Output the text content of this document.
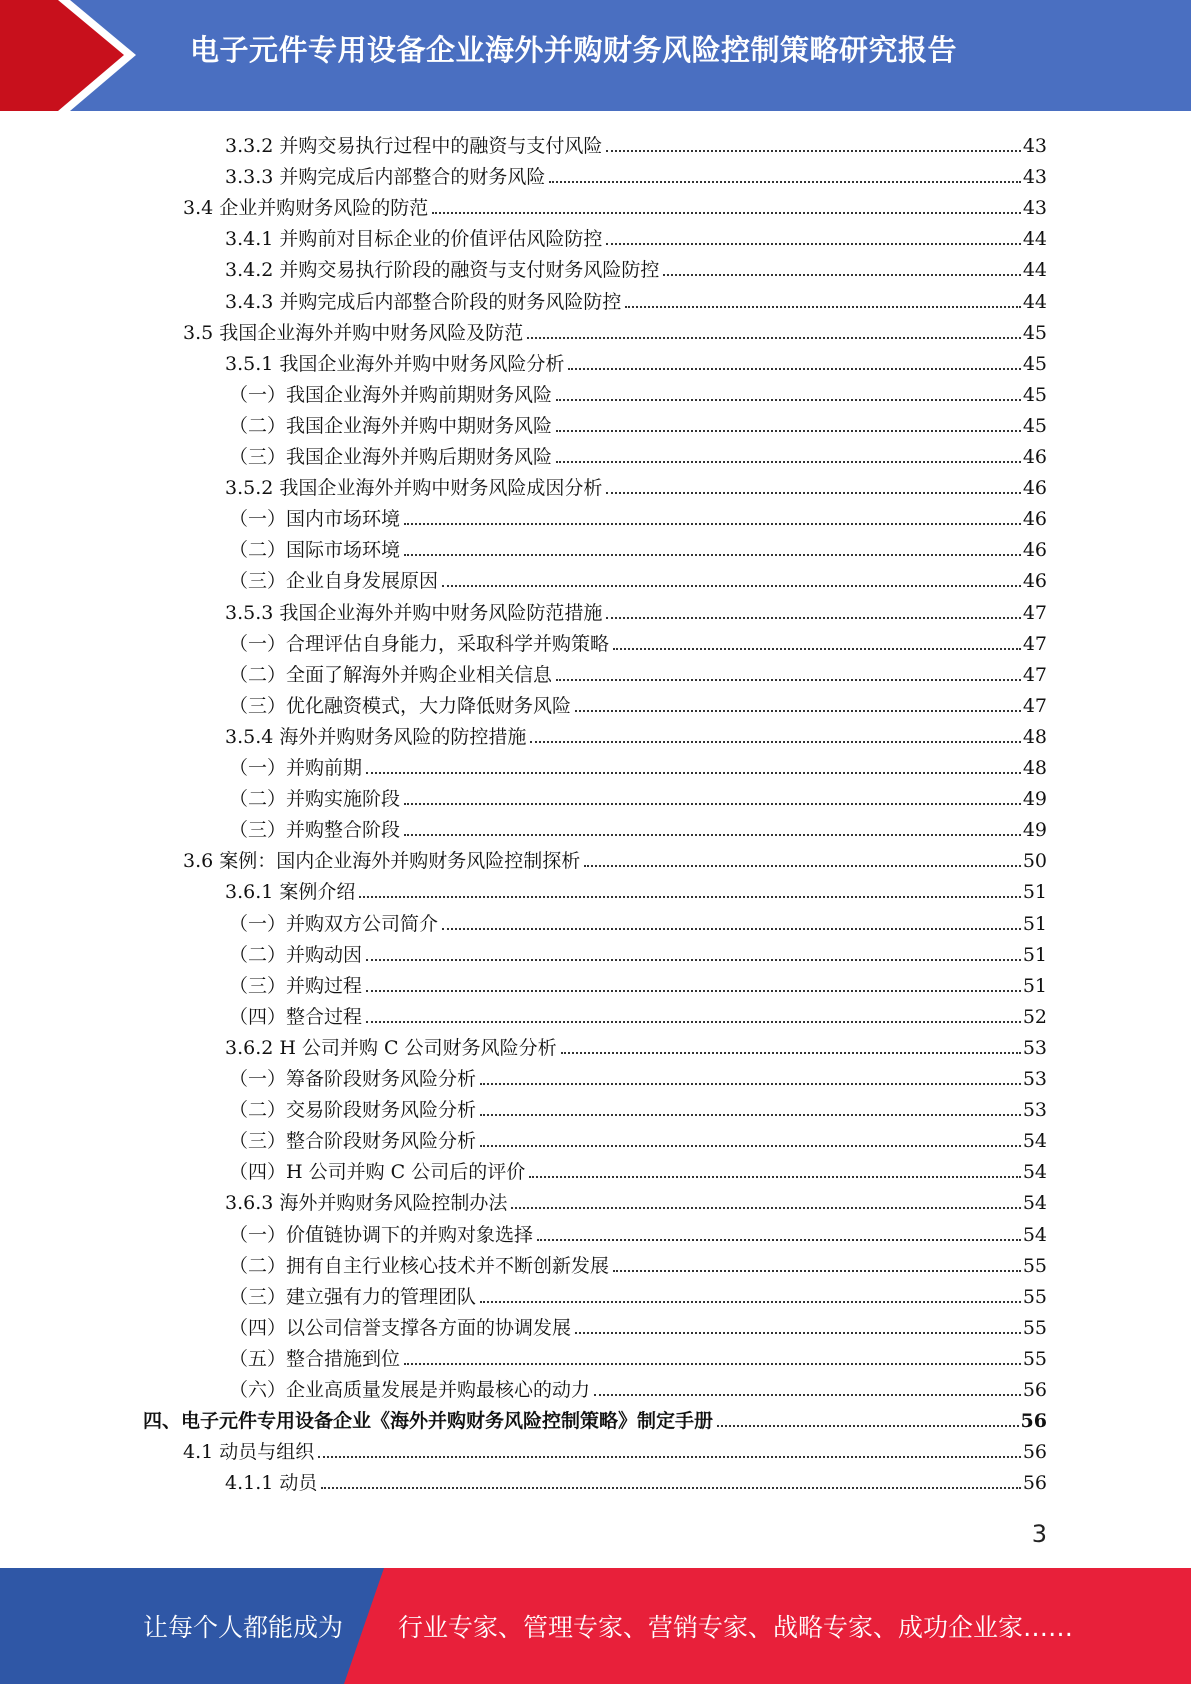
电子元件专用设备企业海外并购财务风险控制策略研究报告
3.3.2 并购交易执行过程中的融资与支付风险	43
3.3.3 并购完成后内部整合的财务风险	43
3.4 企业并购财务风险的防范	43
3.4.1 并购前对目标企业的价值评估风险防控	44
3.4.2 并购交易执行阶段的融资与支付财务风险防控	44
3.4.3 并购完成后内部整合阶段的财务风险防控	44
3.5 我国企业海外并购中财务风险及防范	45
3.5.1 我国企业海外并购中财务风险分析	45
（一）我国企业海外并购前期财务风险	45
（二）我国企业海外并购中期财务风险	45
（三）我国企业海外并购后期财务风险	46
3.5.2 我国企业海外并购中财务风险成因分析	46
（一）国内市场环境	46
（二）国际市场环境	46
（三）企业自身发展原因	46
3.5.3 我国企业海外并购中财务风险防范措施	47
（一）合理评估自身能力，采取科学并购策略	47
（二）全面了解海外并购企业相关信息	47
（三）优化融资模式，大力降低财务风险	47
3.5.4 海外并购财务风险的防控措施	48
（一）并购前期	48
（二）并购实施阶段	49
（三）并购整合阶段	49
3.6 案例：国内企业海外并购财务风险控制探析	50
3.6.1 案例介绍	51
（一）并购双方公司简介	51
（二）并购动因	51
（三）并购过程	51
（四）整合过程	52
3.6.2 H 公司并购 C 公司财务风险分析	53
（一）筹备阶段财务风险分析	53
（二）交易阶段财务风险分析	53
（三）整合阶段财务风险分析	54
（四）H 公司并购 C 公司后的评价	54
3.6.3 海外并购财务风险控制办法	54
（一）价值链协调下的并购对象选择	54
（二）拥有自主行业核心技术并不断创新发展	55
（三）建立强有力的管理团队	55
（四）以公司信誉支撑各方面的协调发展	55
（五）整合措施到位	55
（六）企业高质量发展是并购最核心的动力	56
四、电子元件专用设备企业《海外并购财务风险控制策略》制定手册	56
4.1 动员与组织	56
4.1.1 动员	56
3
让每个人都能成为 行业专家、管理专家、营销专家、战略专家、成功企业家……
